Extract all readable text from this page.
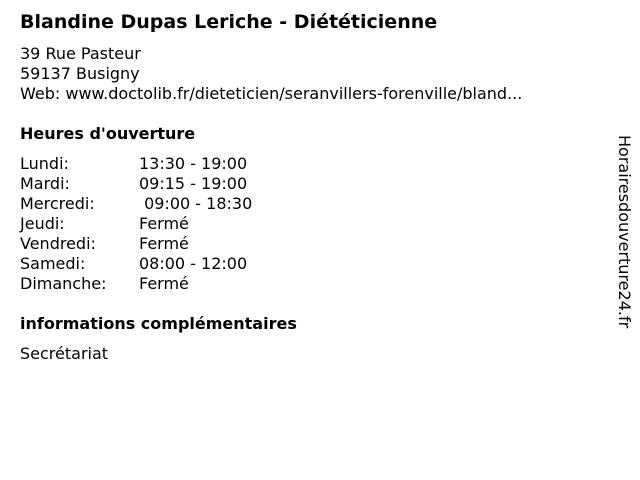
Blandine Dupas Leriche - Diététicienne
39 Rue Pasteur
59137 Busigny
Web: www.doctolib.fr/dieteticien/seranvillers-forenville/bland...
Heures d'ouverture
Lundi:	13:30 - 19:00
Mardi:	09:15 - 19:00
Mercredi:	09:00 - 18:30
Jeudi:	Fermé
Vendredi:	Fermé
Samedi:	08:00 - 12:00
Dimanche: Fermé
informations complémentaires
Secrétariat
Horairesdouverture24.fr
